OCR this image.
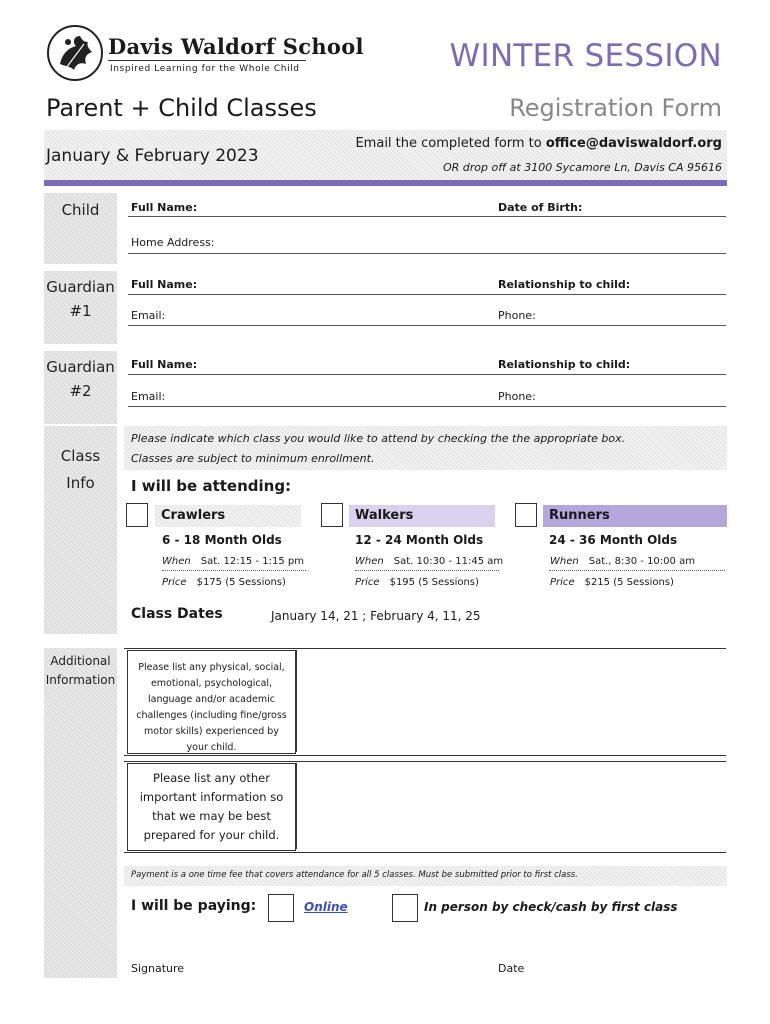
Davis Waldorf School
Inspired Learning for the Whole Child	WINTER SESSION
Parent + Child Classes	Registration Form
January & February 2023
Email the completed form to office@daviswaldorf.org
OR drop off at 3100 Sycamore Ln, Davis CA 95616
Child	Full Name:	Date of Birth:
Home Address:
Guardian
#1
Full Name:	Relationship to child:
Email:	Phone:
Guardian
#2
Full Name:	Relationship to child:
Email:	Phone:
Class
Info
Please indicate which class you would like to attend by checking the the appropriate box.
Classes are subject to minimum enrollment.
I will be attending:
Crawlers
6 - 18 Month Olds
When Sat. 12:15 - 1:15 pm
Price $175 (5 Sessions)
Walkers
12 - 24 Month Olds
When Sat. 10:30 - 11:45 am
Price $195 (5 Sessions)
Runners
24 - 36 Month Olds
When Sat., 8:30 - 10:00 am
Price $215 (5 Sessions)
Class Dates	January 14, 21 ; February 4, 11, 25
Additional
Information
Please list any physical, social, emotional, psychological, language and/or academic challenges (including fine/gross motor skills) experienced by your child.
Please list any other important information so that we may be best prepared for your child.
Payment is a one time fee that covers attendance for all 5 classes. Must be submitted prior to first class.
I will be paying:	Online	In person by check/cash by first class
Signature	Date
